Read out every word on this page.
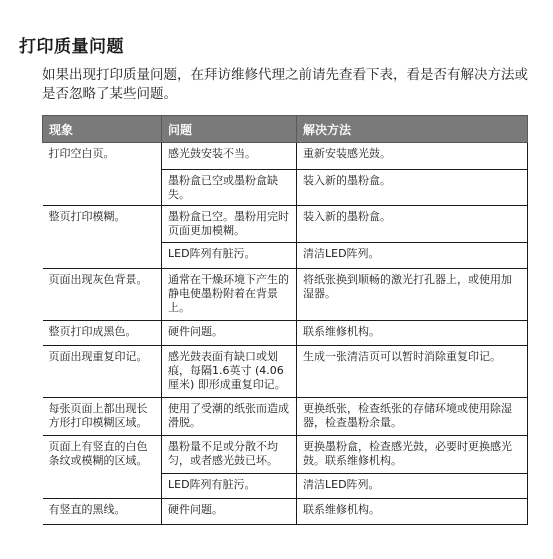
打印质量问题
如果出现打印质量问题，在拜访维修代理之前请先查看下表，看是否有解决方法或是否忽略了某些问题。
现象	问题	解决方法
打印空白页。	感光鼓安装不当。	重新安装感光鼓。
	墨粉盒已空或墨粉盒缺失。	装入新的墨粉盒。
整页打印模糊。	墨粉盒已空。墨粉用完时页面更加模糊。	装入新的墨粉盒。
	LED阵列有脏污。	清洁LED阵列。
页面出现灰色背景。	通常在干燥环境下产生的静电使墨粉附着在背景上。	将纸张换到顺畅的激光打孔器上，或使用加湿器。
整页打印成黑色。	硬件问题。	联系维修机构。
页面出现重复印记。	感光鼓表面有缺口或划痕，每隔1.6英寸 (4.06厘米) 即形成重复印记。	生成一张清洁页可以暂时消除重复印记。
每张页面上都出现长方形打印模糊区域。	使用了受潮的纸张而造成滑脱。	更换纸张，检查纸张的存储环境或使用除湿器，检查墨粉余量。
页面上有竖直的白色条纹或模糊的区域。	墨粉量不足或分散不均匀，或者感光鼓已坏。	更换墨粉盒，检查感光鼓，必要时更换感光鼓。联系维修机构。
	LED阵列有脏污。	清洁LED阵列。
有竖直的黑线。	硬件问题。	联系维修机构。
